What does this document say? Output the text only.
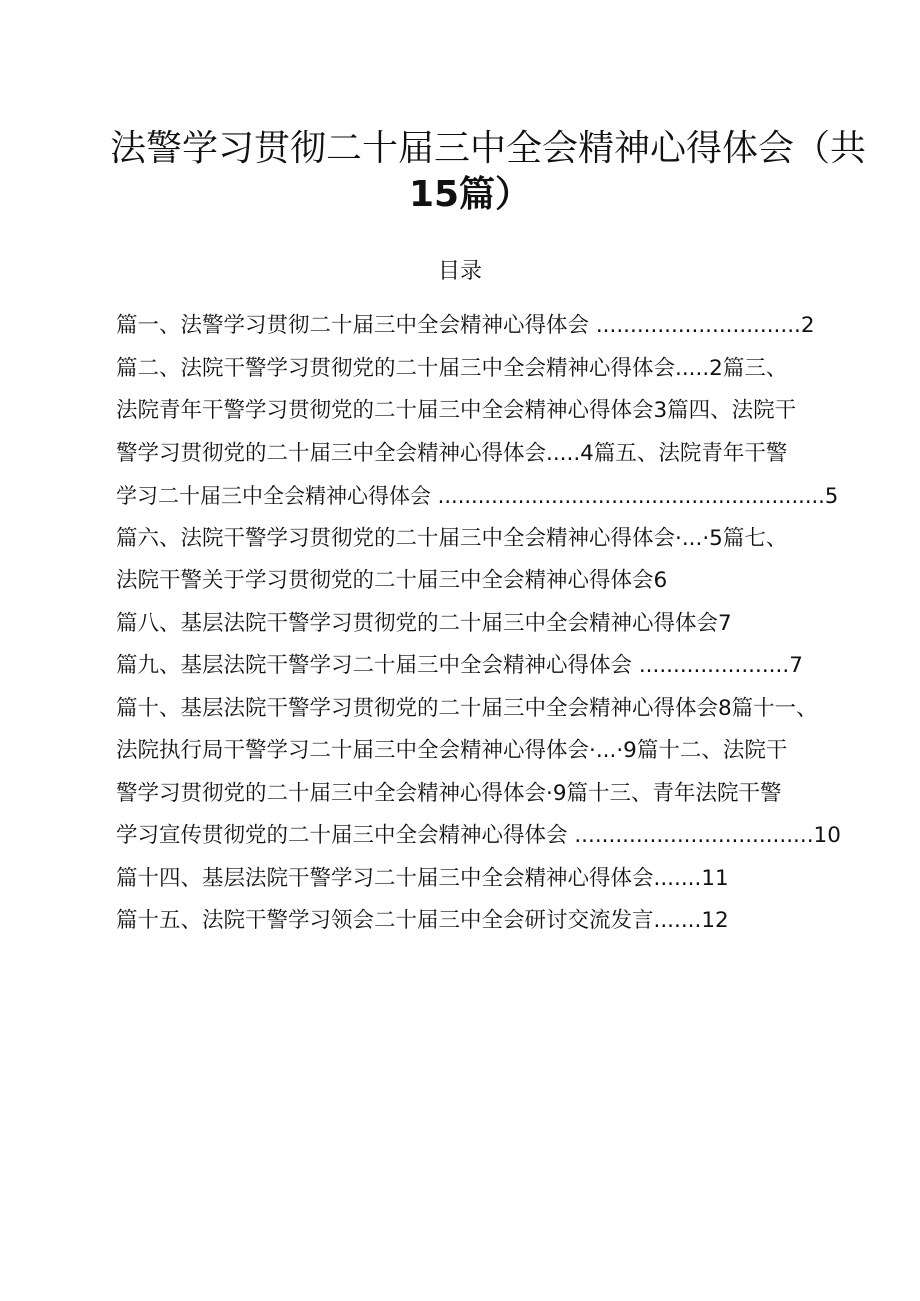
法警学习贯彻二十届三中全会精神心得体会（共
15篇）
目录
篇一、法警学习贯彻二十届三中全会精神心得体会 ..............................2
篇二、法院干警学习贯彻党的二十届三中全会精神心得体会.....2篇三、
法院青年干警学习贯彻党的二十届三中全会精神心得体会3篇四、法院干
警学习贯彻党的二十届三中全会精神心得体会.....4篇五、法院青年干警
学习二十届三中全会精神心得体会 ..........................................................5
篇六、法院干警学习贯彻党的二十届三中全会精神心得体会·...·5篇七、
法院干警关于学习贯彻党的二十届三中全会精神心得体会6
篇八、基层法院干警学习贯彻党的二十届三中全会精神心得体会7
篇九、基层法院干警学习二十届三中全会精神心得体会 ......................7
篇十、基层法院干警学习贯彻党的二十届三中全会精神心得体会8篇十一、
法院执行局干警学习二十届三中全会精神心得体会·...·9篇十二、法院干
警学习贯彻党的二十届三中全会精神心得体会·9篇十三、青年法院干警
学习宣传贯彻党的二十届三中全会精神心得体会 ...................................10
篇十四、基层法院干警学习二十届三中全会精神心得体会.......11
篇十五、法院干警学习领会二十届三中全会研讨交流发言.......12
